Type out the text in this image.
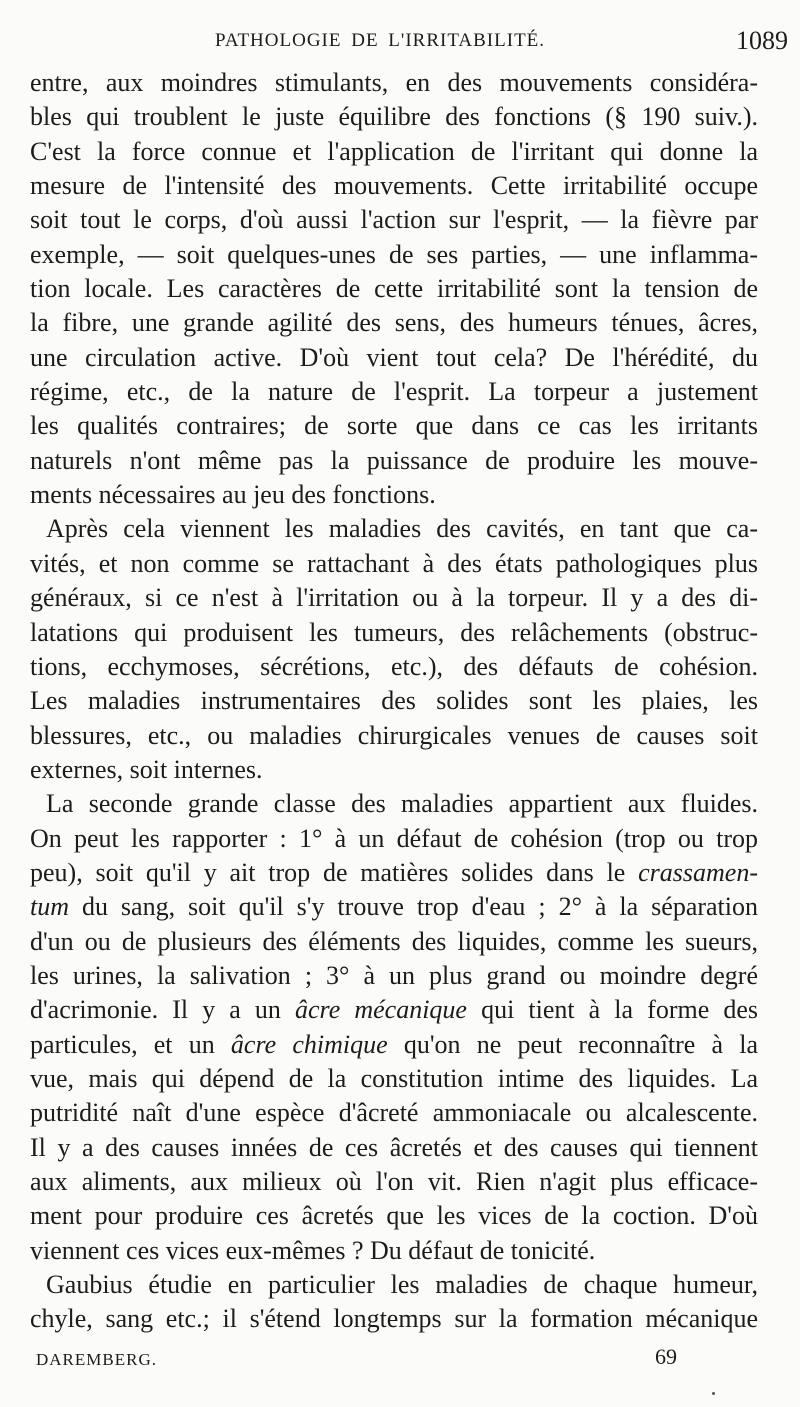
PATHOLOGIE DE L'IRRITABILITÉ.	1089
entre, aux moindres stimulants, en des mouvements considéra-
bles qui troublent le juste équilibre des fonctions (§ 190 suiv.).
C'est la force connue et l'application de l'irritant qui donne la
mesure de l'intensité des mouvements. Cette irritabilité occupe
soit tout le corps, d'où aussi l'action sur l'esprit, — la fièvre par
exemple, — soit quelques-unes de ses parties, — une inflamma-
tion locale. Les caractères de cette irritabilité sont la tension de
la fibre, une grande agilité des sens, des humeurs ténues, âcres,
une circulation active. D'où vient tout cela? De l'hérédité, du
régime, etc., de la nature de l'esprit. La torpeur a justement
les qualités contraires; de sorte que dans ce cas les irritants
naturels n'ont même pas la puissance de produire les mouve-
ments nécessaires au jeu des fonctions.
Après cela viennent les maladies des cavités, en tant que ca-
vités, et non comme se rattachant à des états pathologiques plus
généraux, si ce n'est à l'irritation ou à la torpeur. Il y a des di-
latations qui produisent les tumeurs, des relâchements (obstruc-
tions, ecchymoses, sécrétions, etc.), des défauts de cohésion.
Les maladies instrumentaires des solides sont les plaies, les
blessures, etc., ou maladies chirurgicales venues de causes soit
externes, soit internes.
La seconde grande classe des maladies appartient aux fluides.
On peut les rapporter : 1° à un défaut de cohésion (trop ou trop
peu), soit qu'il y ait trop de matières solides dans le crassamen-
tum du sang, soit qu'il s'y trouve trop d'eau ; 2° à la séparation
d'un ou de plusieurs des éléments des liquides, comme les sueurs,
les urines, la salivation ; 3° à un plus grand ou moindre degré
d'acrimonie. Il y a un âcre mécanique qui tient à la forme des
particules, et un âcre chimique qu'on ne peut reconnaître à la
vue, mais qui dépend de la constitution intime des liquides. La
putridité naît d'une espèce d'âcreté ammoniacale ou alcalescente.
Il y a des causes innées de ces âcretés et des causes qui tiennent
aux aliments, aux milieux où l'on vit. Rien n'agit plus efficace-
ment pour produire ces âcretés que les vices de la coction. D'où
viennent ces vices eux-mêmes ? Du défaut de tonicité.
Gaubius étudie en particulier les maladies de chaque humeur,
chyle, sang etc.; il s'étend longtemps sur la formation mécanique
DAREMBERG.	69
